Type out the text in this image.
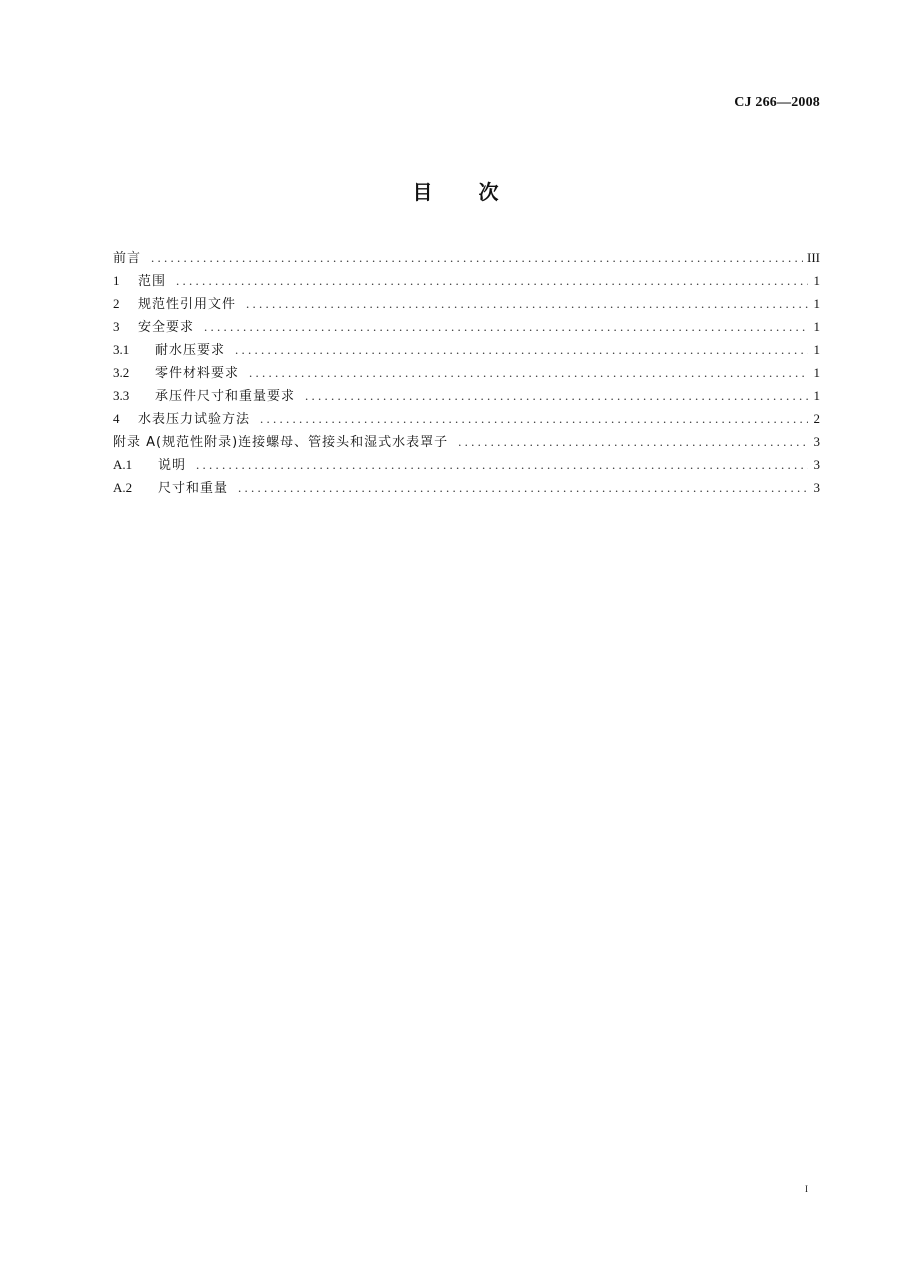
CJ 266—2008
目次
前言 . . .	III
1	范围 . . .	1
2	规范性引用文件 . . .	1
3	安全要求 . . .	1
3.1	耐水压要求 . . .	1
3.2	零件材料要求 . . .	1
3.3	承压件尺寸和重量要求 . . .	1
4	水表压力试验方法 . . .	2
附录 A(规范性附录)连接螺母、管接头和湿式水表罩子 . . .	3
A.1	说明 . . .	3
A.2	尺寸和重量 . . .	3
I
